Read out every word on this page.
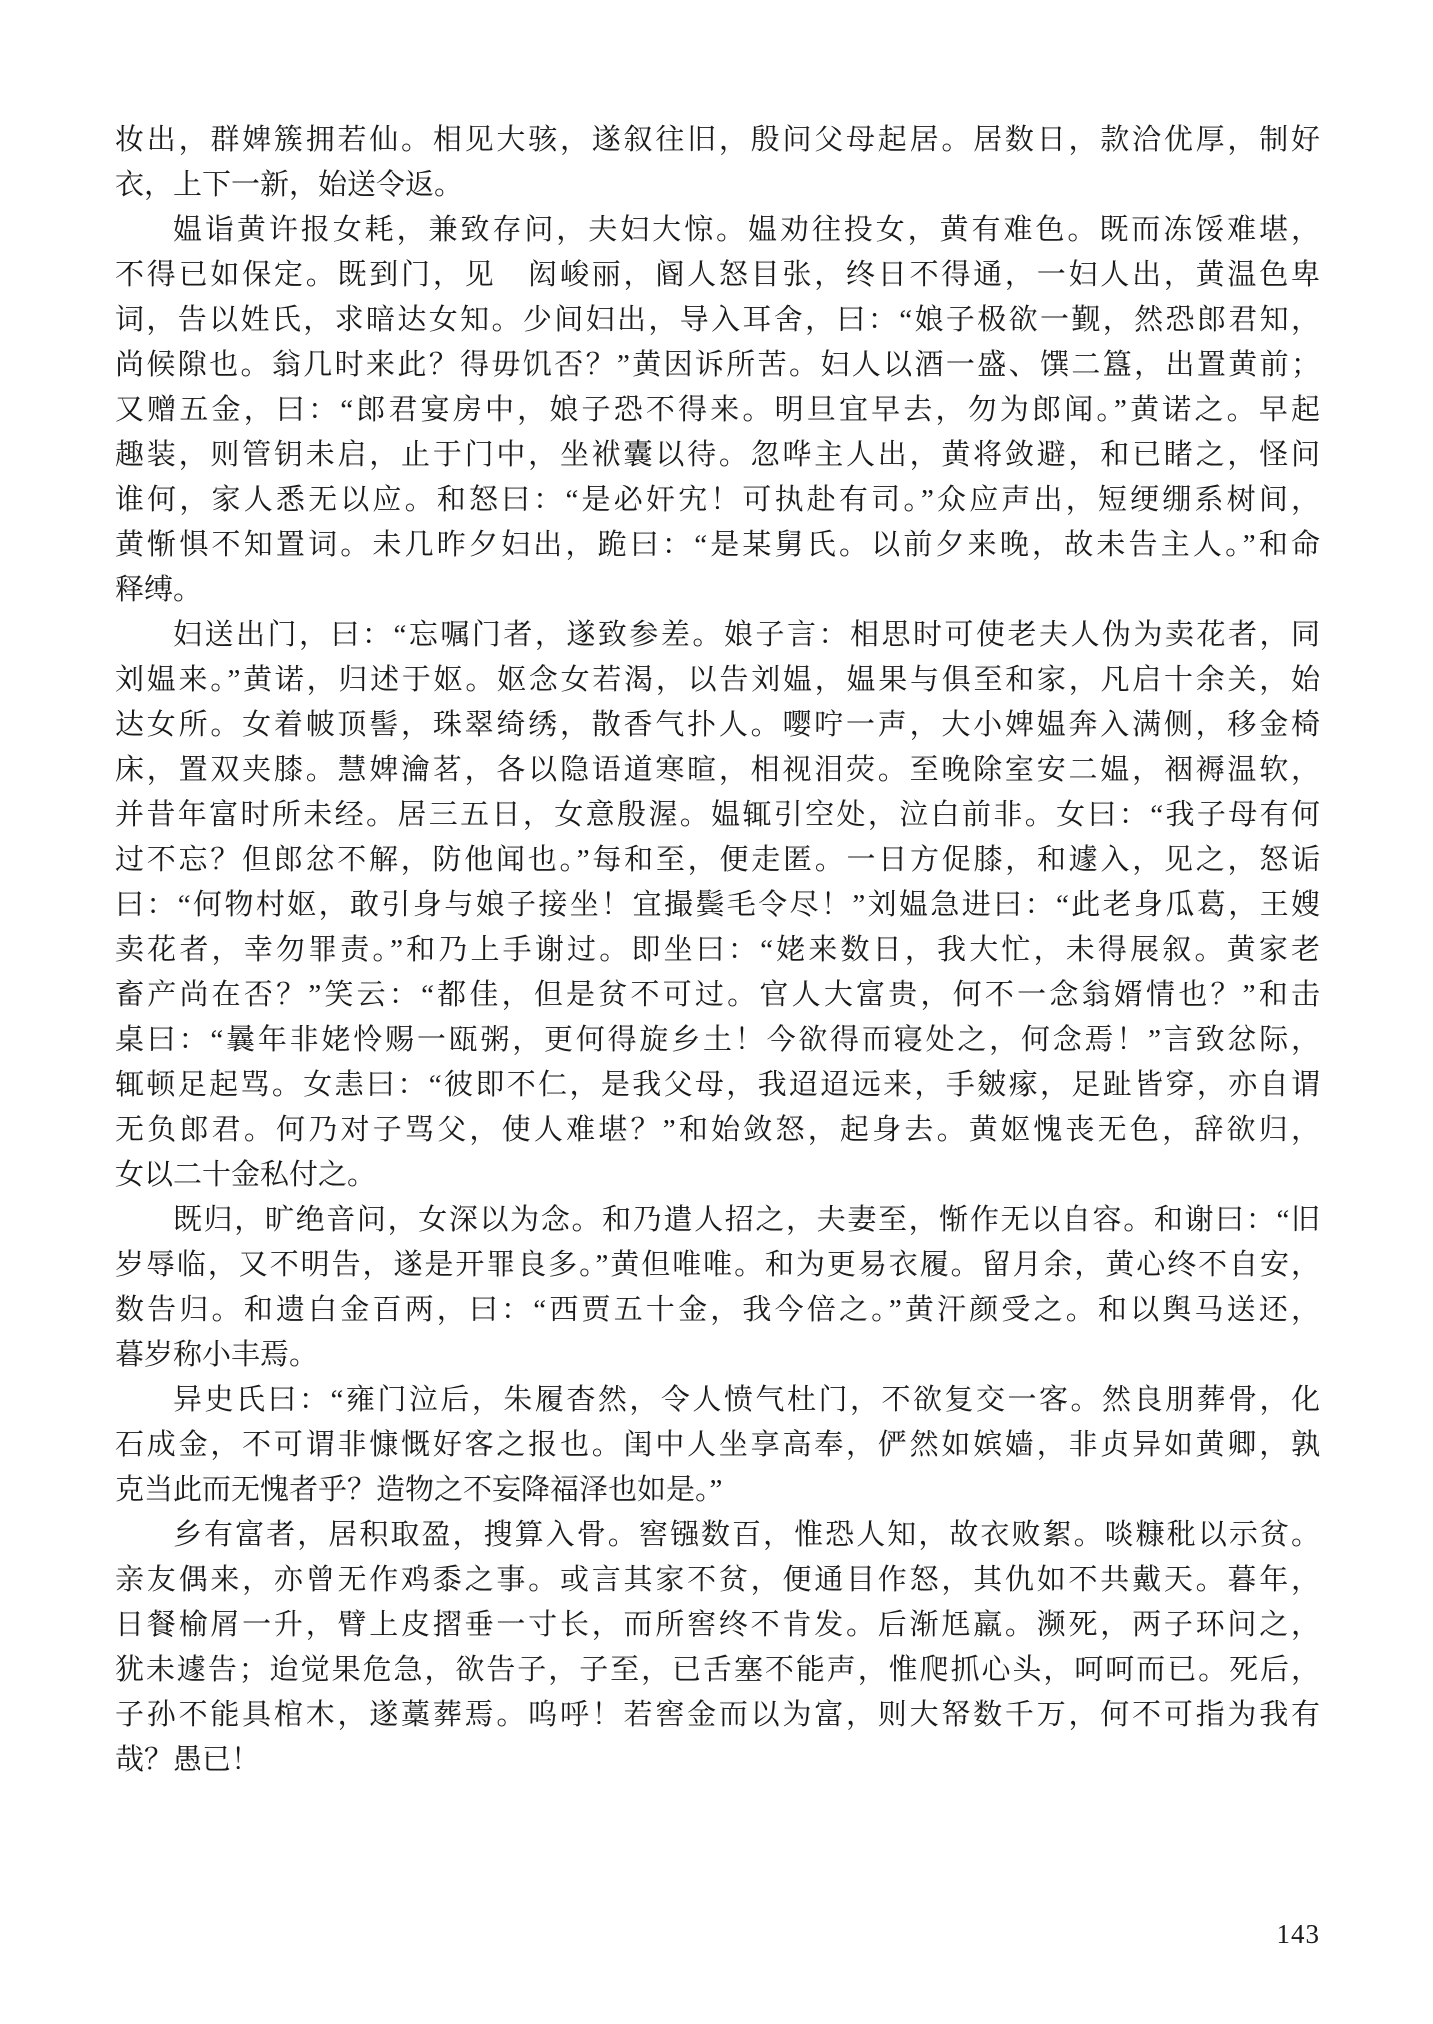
妆出，群婢簇拥若仙。相见大骇，遂叙往旧，殷问父母起居。居数日，款洽优厚，制好
衣，上下一新，始送令返。
媪诣黄许报女耗，兼致存问，夫妇大惊。媪劝往投女，黄有难色。既而冻馁难堪，
不得已如保定。既到门，见　闳峻丽，阍人怒目张，终日不得通，一妇人出，黄温色卑
词，告以姓氏，求暗达女知。少间妇出，导入耳舍，曰：“娘子极欲一觐，然恐郎君知，
尚候隙也。翁几时来此？得毋饥否？”黄因诉所苦。妇人以酒一盛、馔二簋，出置黄前；
又赠五金，曰：“郎君宴房中，娘子恐不得来。明旦宜早去，勿为郎闻。”黄诺之。早起
趣装，则管钥未启，止于门中，坐袱囊以待。忽哗主人出，黄将敛避，和已睹之，怪问
谁何，家人悉无以应。和怒曰：“是必奸宄！可执赴有司。”众应声出，短绠绷系树间，
黄惭惧不知置词。未几昨夕妇出，跪曰：“是某舅氏。以前夕来晚，故未告主人。”和命
释缚。
妇送出门，曰：“忘嘱门者，遂致参差。娘子言：相思时可使老夫人伪为卖花者，同
刘媪来。”黄诺，归述于妪。妪念女若渴，以告刘媪，媪果与俱至和家，凡启十余关，始
达女所。女着帔顶髻，珠翠绮绣，散香气扑人。嘤咛一声，大小婢媪奔入满侧，移金椅
床，置双夹膝。慧婢瀹茗，各以隐语道寒暄，相视泪荧。至晚除室安二媪，裀褥温软，
并昔年富时所未经。居三五日，女意殷渥。媪辄引空处，泣白前非。女曰：“我子母有何
过不忘？但郎忿不解，防他闻也。”每和至，便走匿。一日方促膝，和遽入，见之，怒诟
曰：“何物村妪，敢引身与娘子接坐！宜撮鬓毛令尽！”刘媪急进曰：“此老身瓜葛，王嫂
卖花者，幸勿罪责。”和乃上手谢过。即坐曰：“姥来数日，我大忙，未得展叙。黄家老
畜产尚在否？”笑云：“都佳，但是贫不可过。官人大富贵，何不一念翁婿情也？”和击
桌曰：“曩年非姥怜赐一瓯粥，更何得旋乡土！今欲得而寝处之，何念焉！”言致忿际，
辄顿足起骂。女恚曰：“彼即不仁，是我父母，我迢迢远来，手皴瘃，足趾皆穿，亦自谓
无负郎君。何乃对子骂父，使人难堪？”和始敛怒，起身去。黄妪愧丧无色，辞欲归，
女以二十金私付之。
既归，旷绝音问，女深以为念。和乃遣人招之，夫妻至，惭作无以自容。和谢曰：“旧
岁辱临，又不明告，遂是开罪良多。”黄但唯唯。和为更易衣履。留月余，黄心终不自安，
数告归。和遗白金百两，曰：“西贾五十金，我今倍之。”黄汗颜受之。和以舆马送还，
暮岁称小丰焉。
异史氏曰：“雍门泣后，朱履杳然，令人愤气杜门，不欲复交一客。然良朋葬骨，化
石成金，不可谓非慷慨好客之报也。闺中人坐享高奉，俨然如嫔嫱，非贞异如黄卿，孰
克当此而无愧者乎？造物之不妄降福泽也如是。”
乡有富者，居积取盈，搜算入骨。窖镪数百，惟恐人知，故衣败絮。啖糠秕以示贫。
亲友偶来，亦曾无作鸡黍之事。或言其家不贫，便通目作怒，其仇如不共戴天。暮年，
日餐榆屑一升，臂上皮摺垂一寸长，而所窖终不肯发。后渐尪羸。濒死，两子环问之，
犹未遽告；迨觉果危急，欲告子，子至，已舌塞不能声，惟爬抓心头，呵呵而已。死后，
子孙不能具棺木，遂藁葬焉。呜呼！若窖金而以为富，则大帑数千万，何不可指为我有
哉？愚已！
143
